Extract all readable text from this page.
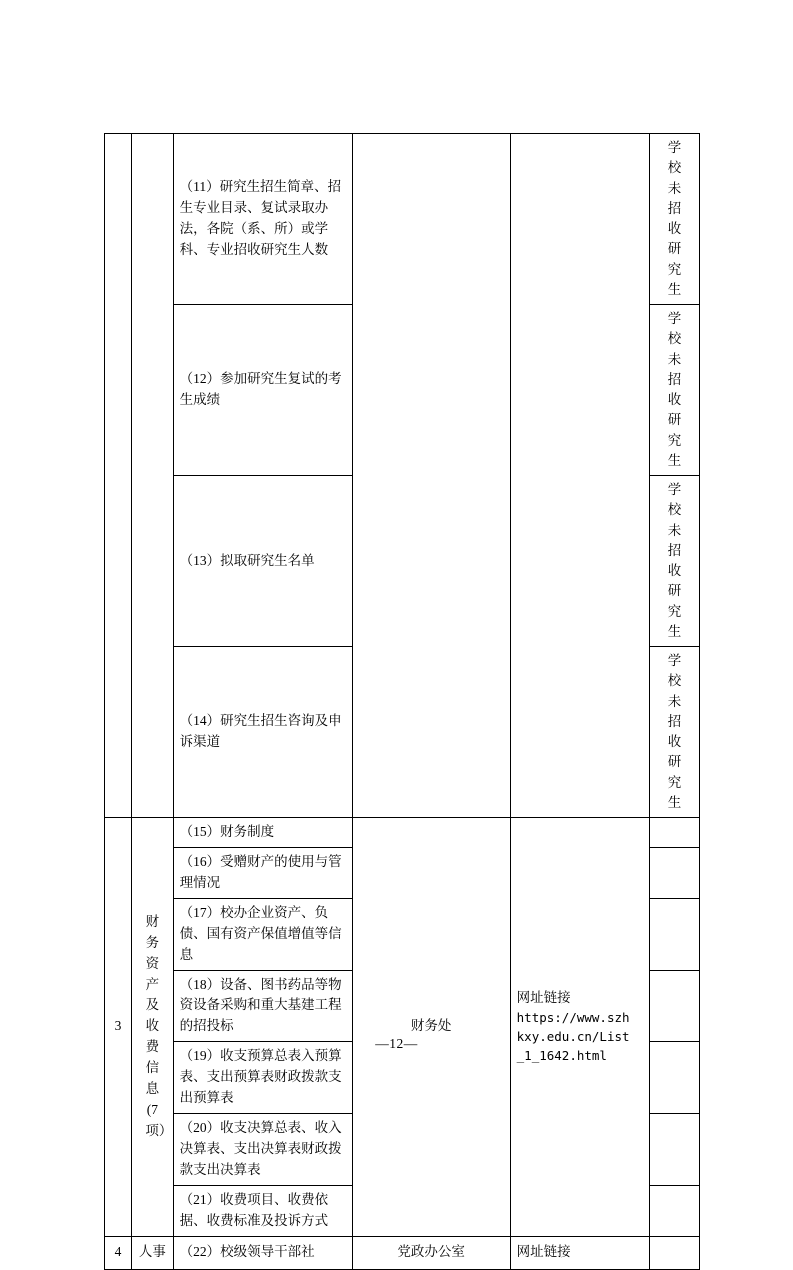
		（11）研究生招生简章、招生专业目录、复试录取办法，各院（系、所）或学科、专业招收研究生人数			学校未招收研究生

		（12）参加研究生复试的考生成绩			学校未招收研究生

		（13）拟取研究生名单			学校未招收研究生

		（14）研究生招生咨询及申诉渠道			学校未招收研究生

3	财务资产及收费信息(7项）	（15）财务制度	财务处	网址链接
https://www.szh
kxy.edu.cn/List
_1_1642.html	

		（16）受赠财产的使用与管理情况			
		（17）校办企业资产、负债、国有资产保值增值等信息			
		（18）设备、图书药品等物资设备采购和重大基建工程的招投标			
		（19）收支预算总表入预算表、支出预算表财政拨款支出预算表			
		（20）收支决算总表、收入决算表、支出决算表财政拨款支出决算表			
		（21）收费项目、收费依据、收费标准及投诉方式			
4	人事	（22）校级领导干部社	党政办公室	网址链接	
—12—
